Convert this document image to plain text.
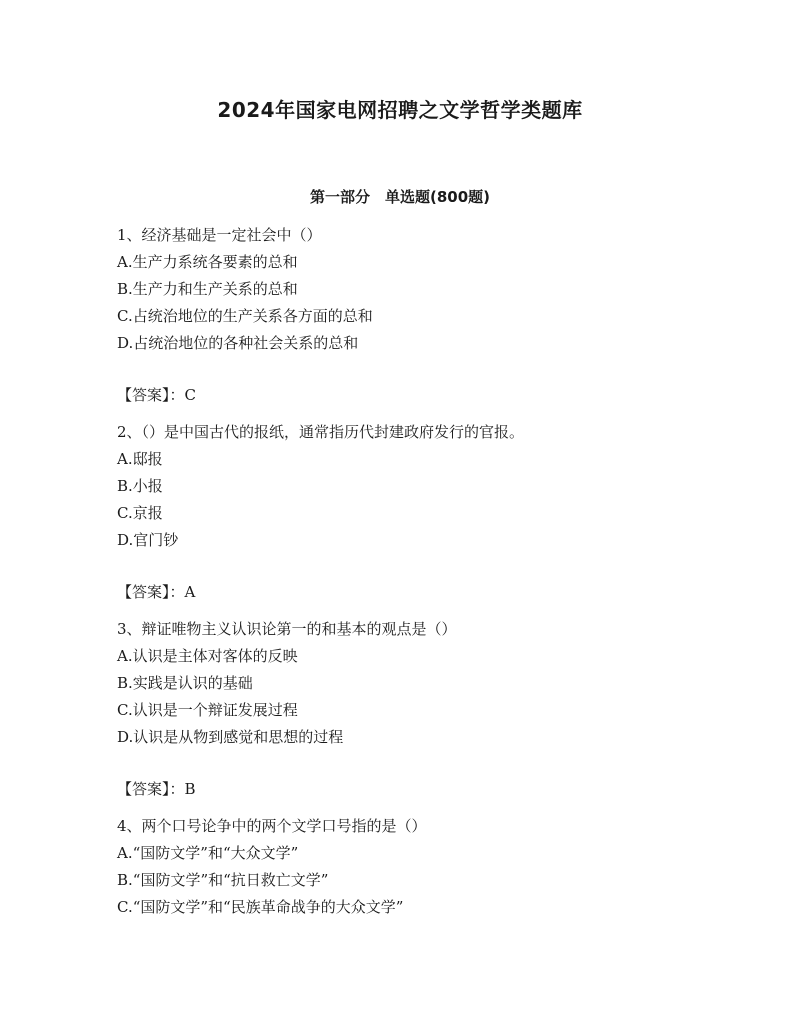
2024年国家电网招聘之文学哲学类题库
第一部分　单选题(800题)

1、经济基础是一定社会中（）

A.生产力系统各要素的总和

B.生产力和生产关系的总和

C.占统治地位的生产关系各方面的总和

D.占统治地位的各种社会关系的总和

【答案】：C

2、（）是中国古代的报纸，通常指历代封建政府发行的官报。

A.邸报

B.小报

C.京报

D.官门钞

【答案】：A

3、辩证唯物主义认识论第一的和基本的观点是（）

A.认识是主体对客体的反映

B.实践是认识的基础

C.认识是一个辩证发展过程

D.认识是从物到感觉和思想的过程

【答案】：B

4、两个口号论争中的两个文学口号指的是（）

A.“国防文学”和“大众文学”

B.“国防文学”和“抗日救亡文学”

C.“国防文学”和“民族革命战争的大众文学”
